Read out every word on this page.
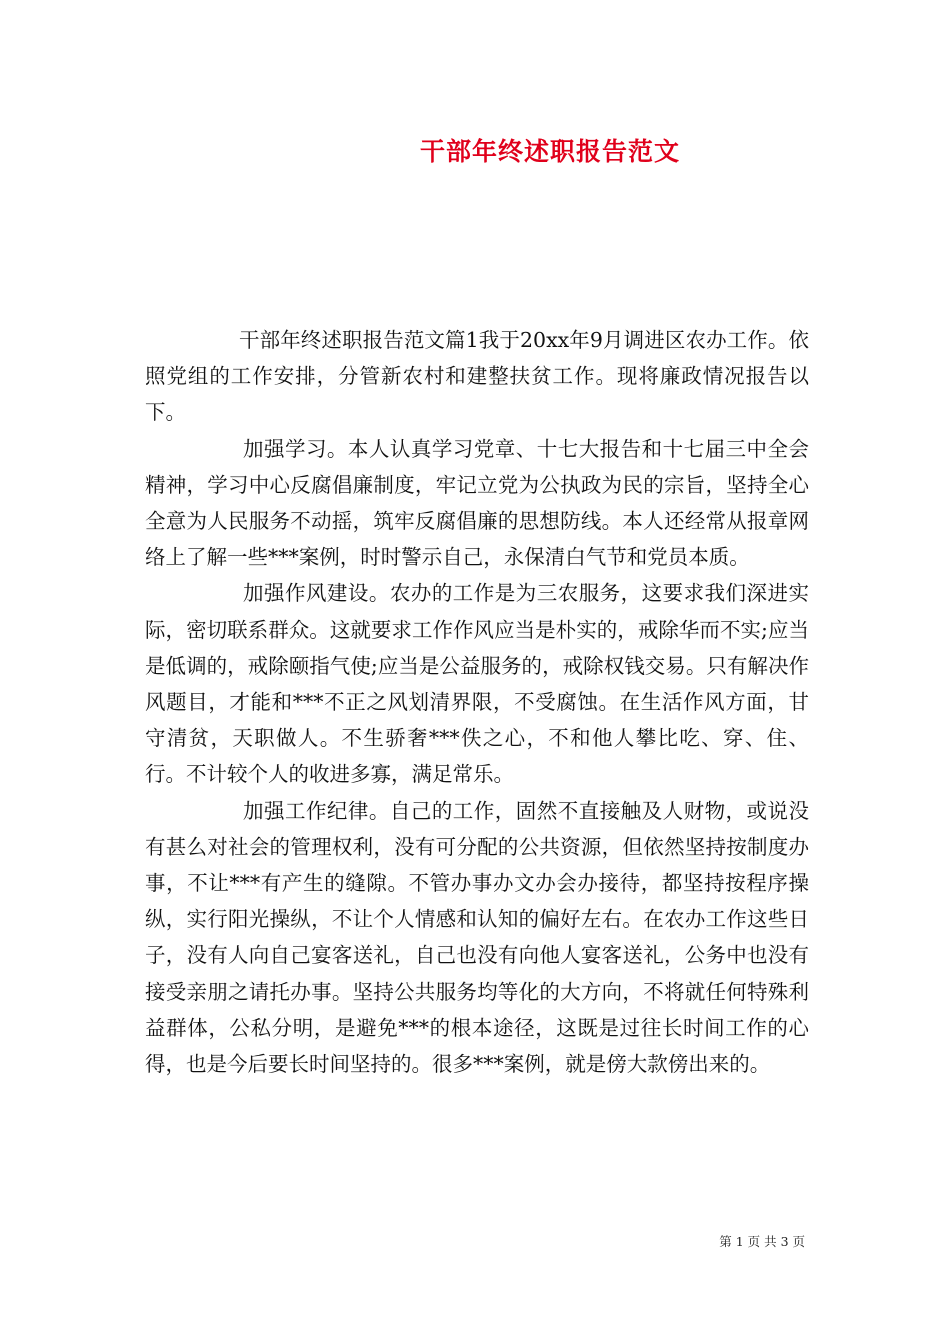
干部年终述职报告范文

干部年终述职报告范文篇1我于20xx年9月调进区农办工作。依照党组的工作安排，分管新农村和建整扶贫工作。现将廉政情况报告以下。

加强学习。本人认真学习党章、十七大报告和十七届三中全会精神，学习中心反腐倡廉制度，牢记立党为公执政为民的宗旨，坚持全心全意为人民服务不动摇，筑牢反腐倡廉的思想防线。本人还经常从报章网络上了解一些***案例，时时警示自己，永保清白气节和党员本质。

加强作风建设。农办的工作是为三农服务，这要求我们深进实际，密切联系群众。这就要求工作作风应当是朴实的，戒除华而不实;应当是低调的，戒除颐指气使;应当是公益服务的，戒除权钱交易。只有解决作风题目，才能和***不正之风划清界限，不受腐蚀。在生活作风方面，甘守清贫，天职做人。不生骄奢***佚之心，不和他人攀比吃、穿、住、行。不计较个人的收进多寡，满足常乐。

加强工作纪律。自己的工作，固然不直接触及人财物，或说没有甚么对社会的管理权利，没有可分配的公共资源，但依然坚持按制度办事，不让***有产生的缝隙。不管办事办文办会办接待，都坚持按程序操纵，实行阳光操纵，不让个人情感和认知的偏好左右。在农办工作这些日子，没有人向自己宴客送礼，自己也没有向他人宴客送礼，公务中也没有接受亲朋之请托办事。坚持公共服务均等化的大方向，不将就任何特殊利益群体，公私分明，是避免***的根本途径，这既是过往长时间工作的心得，也是今后要长时间坚持的。很多***案例，就是傍大款傍出来的。

第 1 页 共 3 页
